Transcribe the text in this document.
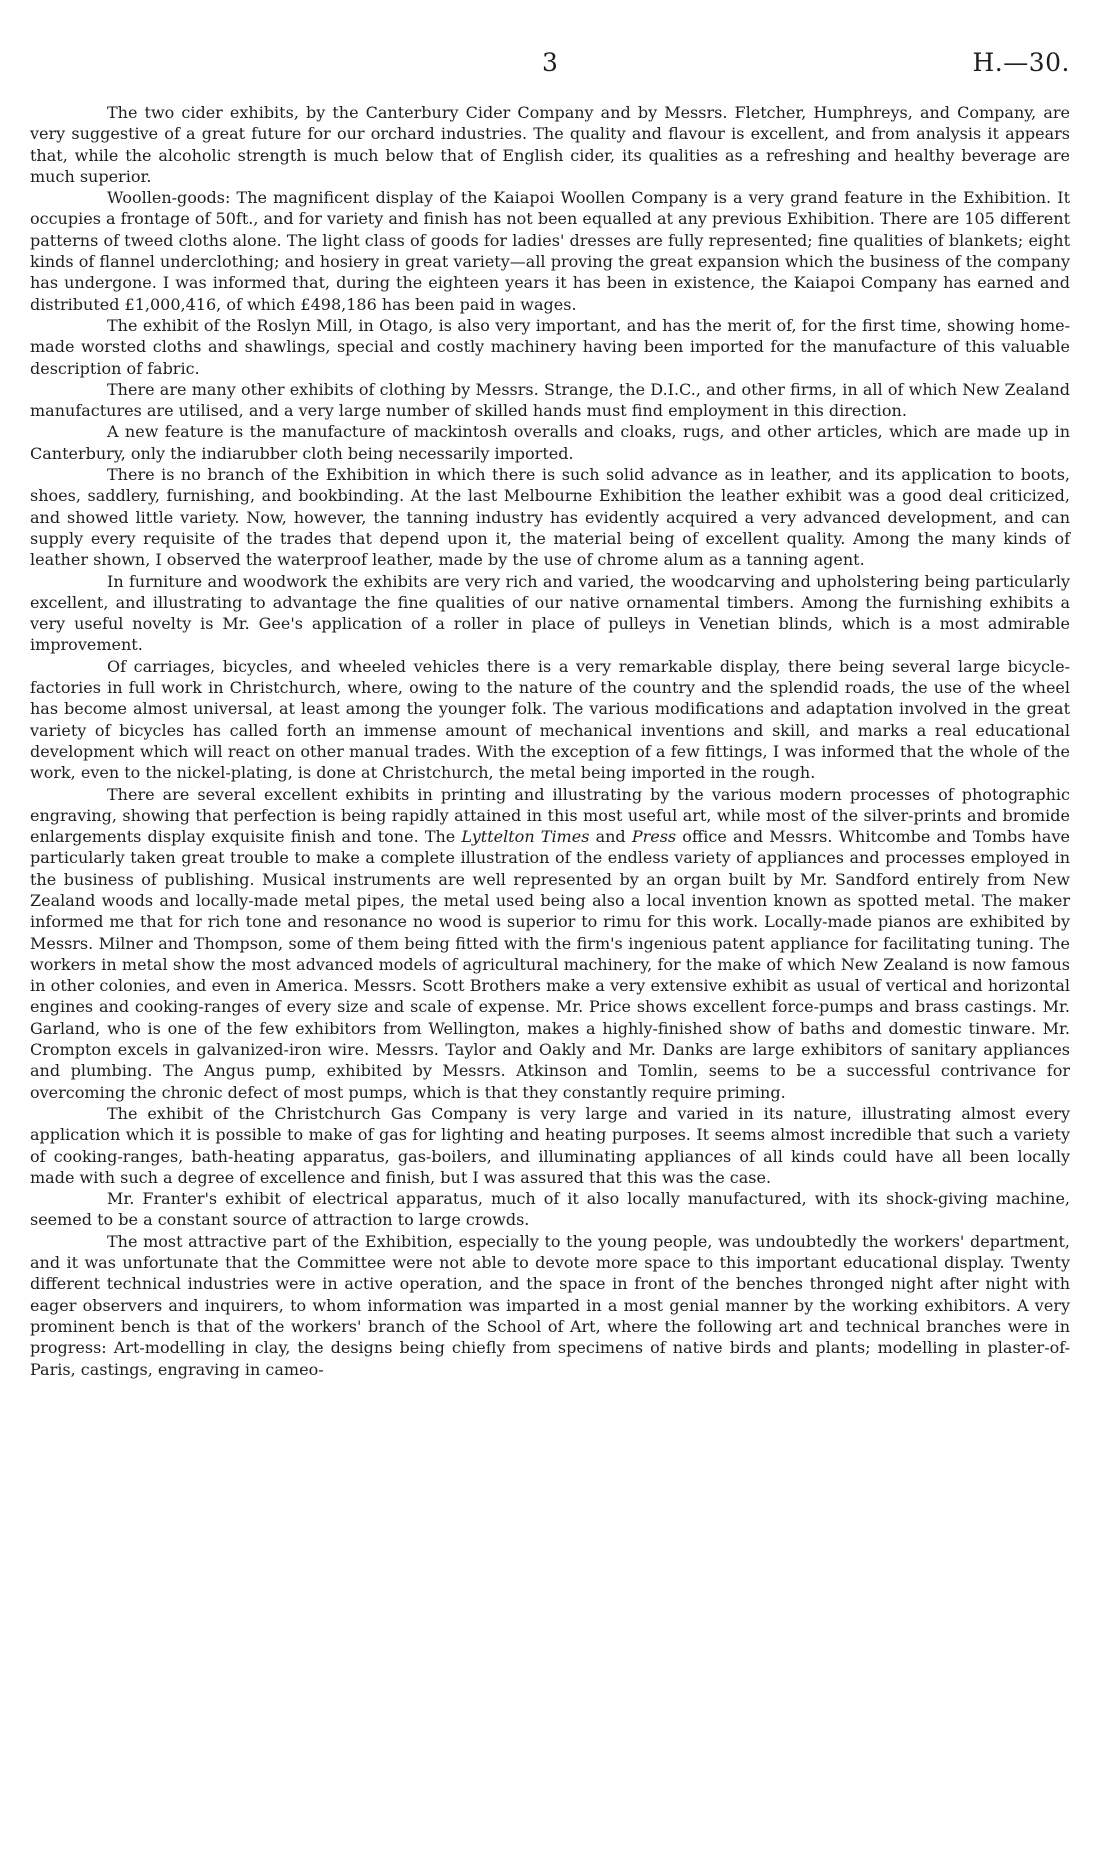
3	H.—30.

The two cider exhibits, by the Canterbury Cider Company and by Messrs. Fletcher, Humphreys, and Company, are very suggestive of a great future for our orchard industries. The quality and flavour is excellent, and from analysis it appears that, while the alcoholic strength is much below that of English cider, its qualities as a refreshing and healthy beverage are much superior.

Woollen-goods: The magnificent display of the Kaiapoi Woollen Company is a very grand feature in the Exhibition. It occupies a frontage of 50ft., and for variety and finish has not been equalled at any previous Exhibition. There are 105 different patterns of tweed cloths alone. The light class of goods for ladies' dresses are fully represented; fine qualities of blankets; eight kinds of flannel underclothing; and hosiery in great variety—all proving the great expansion which the business of the company has undergone. I was informed that, during the eighteen years it has been in existence, the Kaiapoi Company has earned and distributed £1,000,416, of which £498,186 has been paid in wages.

The exhibit of the Roslyn Mill, in Otago, is also very important, and has the merit of, for the first time, showing home-made worsted cloths and shawlings, special and costly machinery having been imported for the manufacture of this valuable description of fabric.

There are many other exhibits of clothing by Messrs. Strange, the D.I.C., and other firms, in all of which New Zealand manufactures are utilised, and a very large number of skilled hands must find employment in this direction.

A new feature is the manufacture of mackintosh overalls and cloaks, rugs, and other articles, which are made up in Canterbury, only the indiarubber cloth being necessarily imported.

There is no branch of the Exhibition in which there is such solid advance as in leather, and its application to boots, shoes, saddlery, furnishing, and bookbinding. At the last Melbourne Exhibition the leather exhibit was a good deal criticized, and showed little variety. Now, however, the tanning industry has evidently acquired a very advanced development, and can supply every requisite of the trades that depend upon it, the material being of excellent quality. Among the many kinds of leather shown, I observed the waterproof leather, made by the use of chrome alum as a tanning agent.

In furniture and woodwork the exhibits are very rich and varied, the woodcarving and upholstering being particularly excellent, and illustrating to advantage the fine qualities of our native ornamental timbers. Among the furnishing exhibits a very useful novelty is Mr. Gee's application of a roller in place of pulleys in Venetian blinds, which is a most admirable improvement.

Of carriages, bicycles, and wheeled vehicles there is a very remarkable display, there being several large bicycle-factories in full work in Christchurch, where, owing to the nature of the country and the splendid roads, the use of the wheel has become almost universal, at least among the younger folk. The various modifications and adaptation involved in the great variety of bicycles has called forth an immense amount of mechanical inventions and skill, and marks a real educational development which will react on other manual trades. With the exception of a few fittings, I was informed that the whole of the work, even to the nickel-plating, is done at Christchurch, the metal being imported in the rough.

There are several excellent exhibits in printing and illustrating by the various modern processes of photographic engraving, showing that perfection is being rapidly attained in this most useful art, while most of the silver-prints and bromide enlargements display exquisite finish and tone. The Lyttelton Times and Press office and Messrs. Whitcombe and Tombs have particularly taken great trouble to make a complete illustration of the endless variety of appliances and processes employed in the business of publishing. Musical instruments are well represented by an organ built by Mr. Sandford entirely from New Zealand woods and locally-made metal pipes, the metal used being also a local invention known as spotted metal. The maker informed me that for rich tone and resonance no wood is superior to rimu for this work. Locally-made pianos are exhibited by Messrs. Milner and Thompson, some of them being fitted with the firm's ingenious patent appliance for facilitating tuning. The workers in metal show the most advanced models of agricultural machinery, for the make of which New Zealand is now famous in other colonies, and even in America. Messrs. Scott Brothers make a very extensive exhibit as usual of vertical and horizontal engines and cooking-ranges of every size and scale of expense. Mr. Price shows excellent force-pumps and brass castings. Mr. Garland, who is one of the few exhibitors from Wellington, makes a highly-finished show of baths and domestic tinware. Mr. Crompton excels in galvanized-iron wire. Messrs. Taylor and Oakly and Mr. Danks are large exhibitors of sanitary appliances and plumbing. The Angus pump, exhibited by Messrs. Atkinson and Tomlin, seems to be a successful contrivance for overcoming the chronic defect of most pumps, which is that they constantly require priming.

The exhibit of the Christchurch Gas Company is very large and varied in its nature, illustrating almost every application which it is possible to make of gas for lighting and heating purposes. It seems almost incredible that such a variety of cooking-ranges, bath-heating apparatus, gas-boilers, and illuminating appliances of all kinds could have all been locally made with such a degree of excellence and finish, but I was assured that this was the case.

Mr. Franter's exhibit of electrical apparatus, much of it also locally manufactured, with its shock-giving machine, seemed to be a constant source of attraction to large crowds.

The most attractive part of the Exhibition, especially to the young people, was undoubtedly the workers' department, and it was unfortunate that the Committee were not able to devote more space to this important educational display. Twenty different technical industries were in active operation, and the space in front of the benches thronged night after night with eager observers and inquirers, to whom information was imparted in a most genial manner by the working exhibitors. A very prominent bench is that of the workers' branch of the School of Art, where the following art and technical branches were in progress: Art-modelling in clay, the designs being chiefly from specimens of native birds and plants; modelling in plaster-of-Paris, castings, engraving in cameo-
